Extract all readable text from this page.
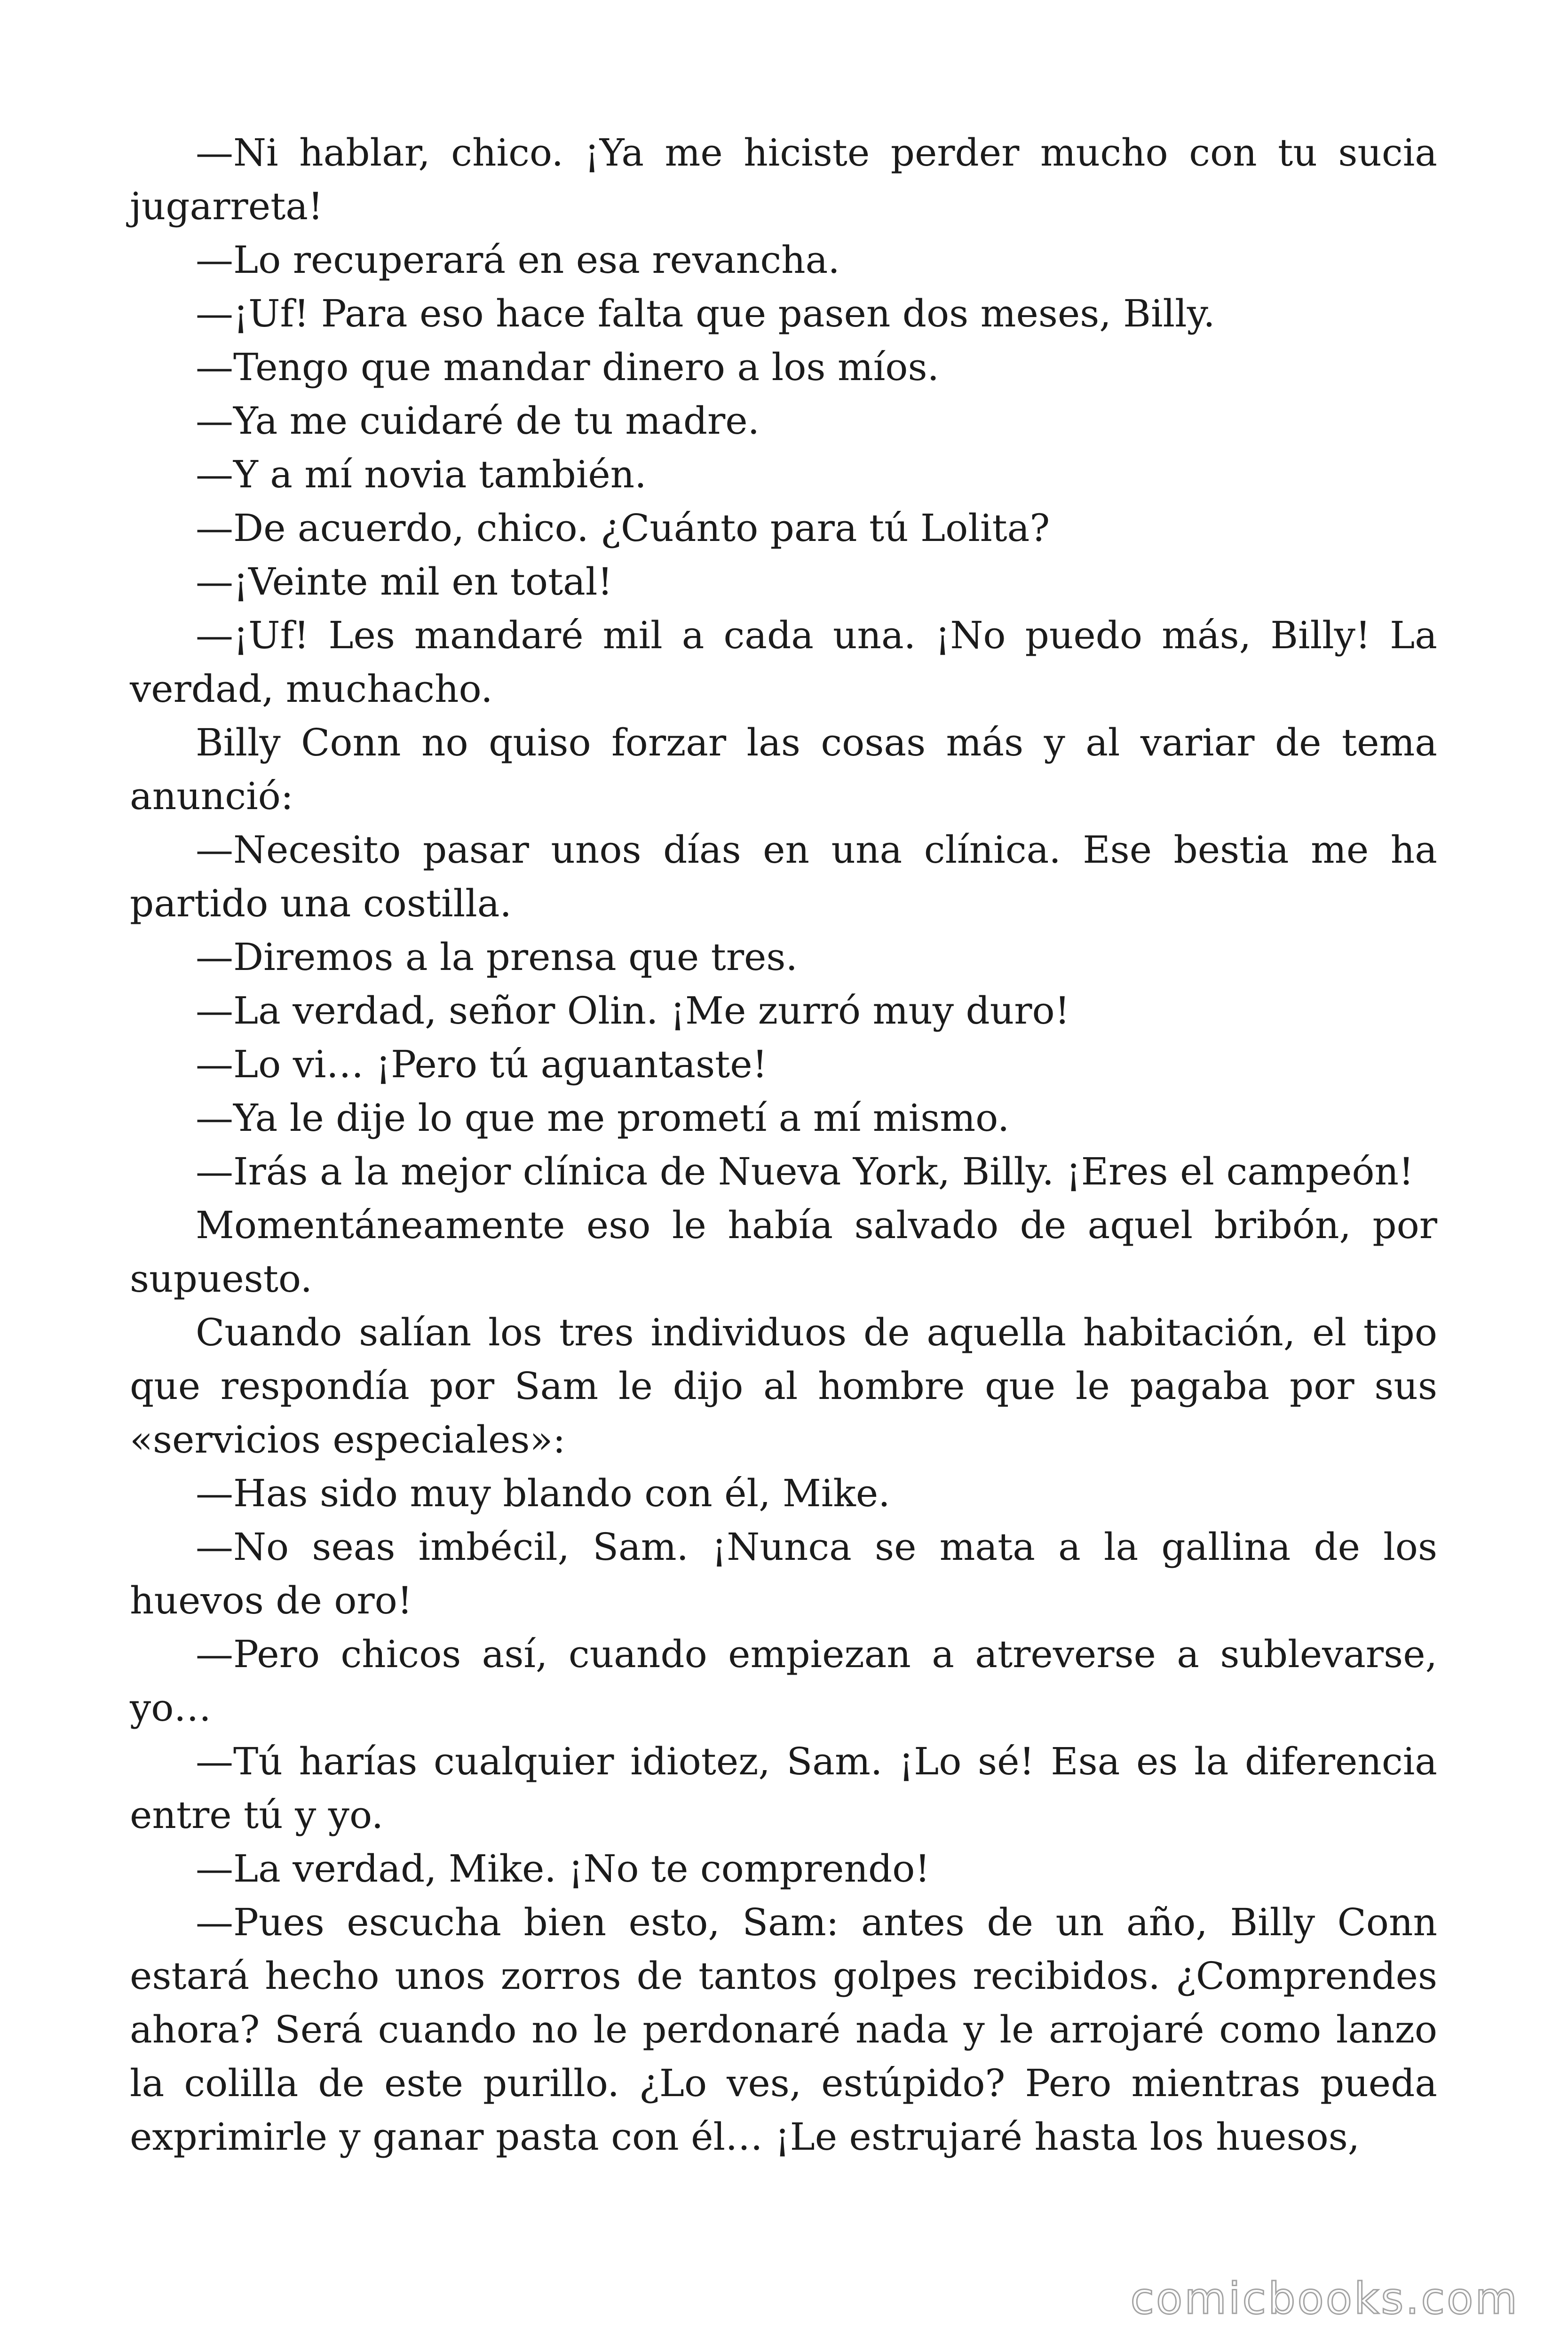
—Ni hablar, chico. ¡Ya me hiciste perder mucho con tu sucia jugarreta!

—Lo recuperará en esa revancha.

—¡Uf! Para eso hace falta que pasen dos meses, Billy.

—Tengo que mandar dinero a los míos.

—Ya me cuidaré de tu madre.

—Y a mí novia también.

—De acuerdo, chico. ¿Cuánto para tú Lolita?

—¡Veinte mil en total!

—¡Uf! Les mandaré mil a cada una. ¡No puedo más, Billy! La verdad, muchacho.

Billy Conn no quiso forzar las cosas más y al variar de tema anunció:

—Necesito pasar unos días en una clínica. Ese bestia me ha partido una costilla.

—Diremos a la prensa que tres.

—La verdad, señor Olin. ¡Me zurró muy duro!

—Lo vi… ¡Pero tú aguantaste!

—Ya le dije lo que me prometí a mí mismo.

—Irás a la mejor clínica de Nueva York, Billy. ¡Eres el campeón!

Momentáneamente eso le había salvado de aquel bribón, por supuesto.

Cuando salían los tres individuos de aquella habitación, el tipo que respondía por Sam le dijo al hombre que le pagaba por sus «servicios especiales»:

—Has sido muy blando con él, Mike.

—No seas imbécil, Sam. ¡Nunca se mata a la gallina de los huevos de oro!

—Pero chicos así, cuando empiezan a atreverse a sublevarse, yo…

—Tú harías cualquier idiotez, Sam. ¡Lo sé! Esa es la diferencia entre tú y yo.

—La verdad, Mike. ¡No te comprendo!

—Pues escucha bien esto, Sam: antes de un año, Billy Conn estará hecho unos zorros de tantos golpes recibidos. ¿Comprendes ahora? Será cuando no le perdonaré nada y le arrojaré como lanzo la colilla de este purillo. ¿Lo ves, estúpido? Pero mientras pueda exprimirle y ganar pasta con él… ¡Le estrujaré hasta los huesos,

comicbooks.com
